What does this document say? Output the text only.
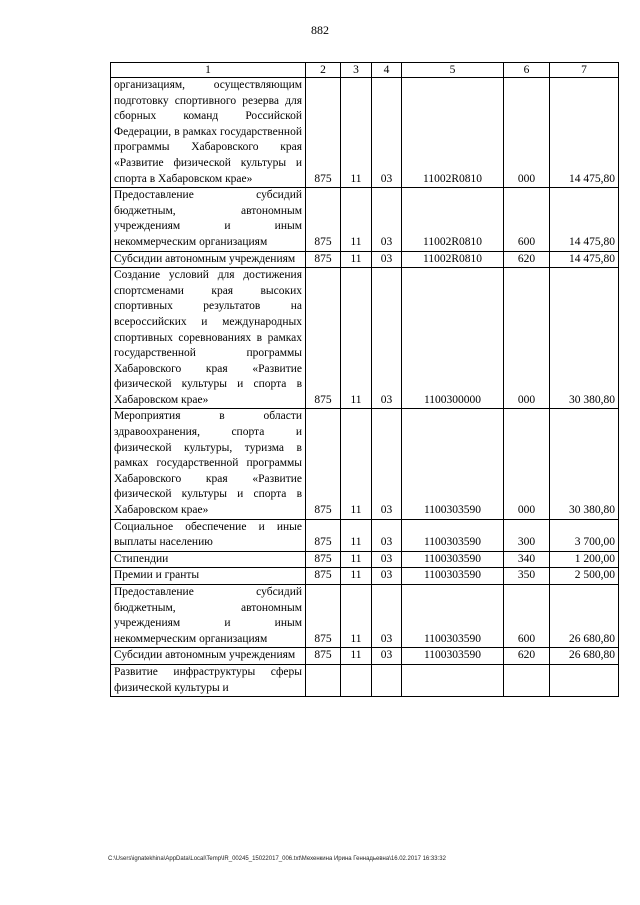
882
1	2	3	4	5	6	7
организациям, осуществляющим подготовку спортивного резерва для сборных команд Российской Федерации, в рамках государственной программы Хабаровского края «Развитие физической культуры и спорта в Хабаровском крае»	875	11	03	11002R0810	000	14 475,80
Предоставление субсидий бюджетным, автономным учреждениям и иным некоммерческим организациям	875	11	03	11002R0810	600	14 475,80
Субсидии автономным учреждениям	875	11	03	11002R0810	620	14 475,80
Создание условий для достижения спортсменами края высоких спортивных результатов на всероссийских и международных спортивных соревнованиях в рамках государственной программы Хабаровского края «Развитие физической культуры и спорта в Хабаровском крае»	875	11	03	1100300000	000	30 380,80
Мероприятия в области здравоохранения, спорта и физической культуры, туризма в рамках государственной программы Хабаровского края «Развитие физической культуры и спорта в Хабаровском крае»	875	11	03	1100303590	000	30 380,80
Социальное обеспечение и иные выплаты населению	875	11	03	1100303590	300	3 700,00
Стипендии	875	11	03	1100303590	340	1 200,00
Премии и гранты	875	11	03	1100303590	350	2 500,00
Предоставление субсидий бюджетным, автономным учреждениям и иным некоммерческим организациям	875	11	03	1100303590	600	26 680,80
Субсидии автономным учреждениям	875	11	03	1100303590	620	26 680,80
Развитие инфраструктуры сферы физической культуры и						
C:\Users\ignatekhina\AppData\Local\Temp\IR_00245_15022017_006.txt\Мехенкина Ирина Геннадьевна\16.02.2017 16:33:32
